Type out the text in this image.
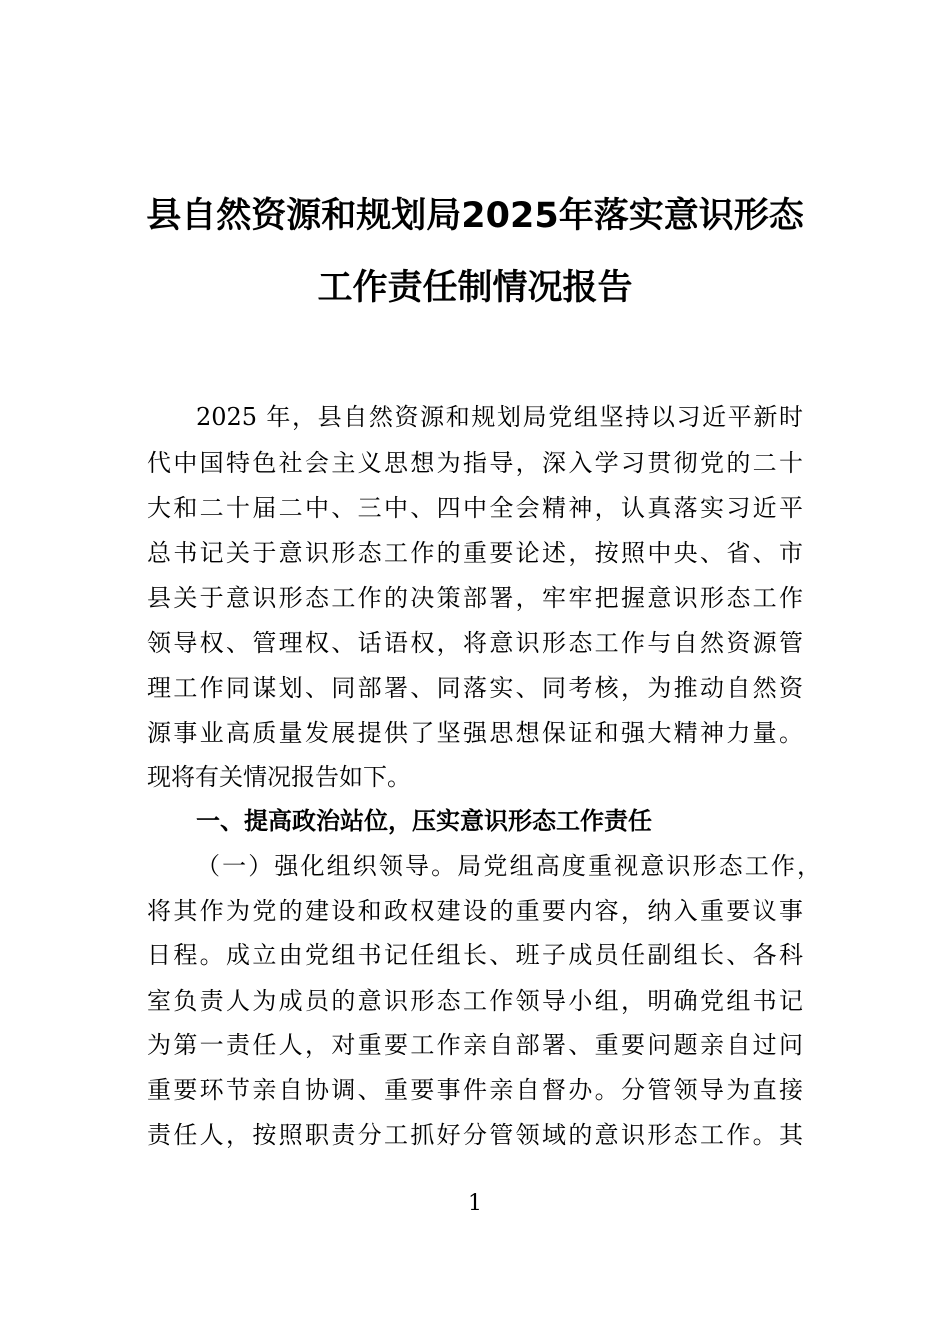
县自然资源和规划局2025年落实意识形态
工作责任制情况报告

2025 年，县自然资源和规划局党组坚持以习近平新时

代中国特色社会主义思想为指导，深入学习贯彻党的二十

大和二十届二中、三中、四中全会精神，认真落实习近平

总书记关于意识形态工作的重要论述，按照中央、省、市

县关于意识形态工作的决策部署，牢牢把握意识形态工作

领导权、管理权、话语权，将意识形态工作与自然资源管

理工作同谋划、同部署、同落实、同考核，为推动自然资

源事业高质量发展提供了坚强思想保证和强大精神力量。

现将有关情况报告如下。

一、提高政治站位，压实意识形态工作责任

（一）强化组织领导。局党组高度重视意识形态工作，

将其作为党的建设和政权建设的重要内容，纳入重要议事

日程。成立由党组书记任组长、班子成员任副组长、各科

室负责人为成员的意识形态工作领导小组，明确党组书记

为第一责任人，对重要工作亲自部署、重要问题亲自过问

重要环节亲自协调、重要事件亲自督办。分管领导为直接

责任人，按照职责分工抓好分管领域的意识形态工作。其

1
